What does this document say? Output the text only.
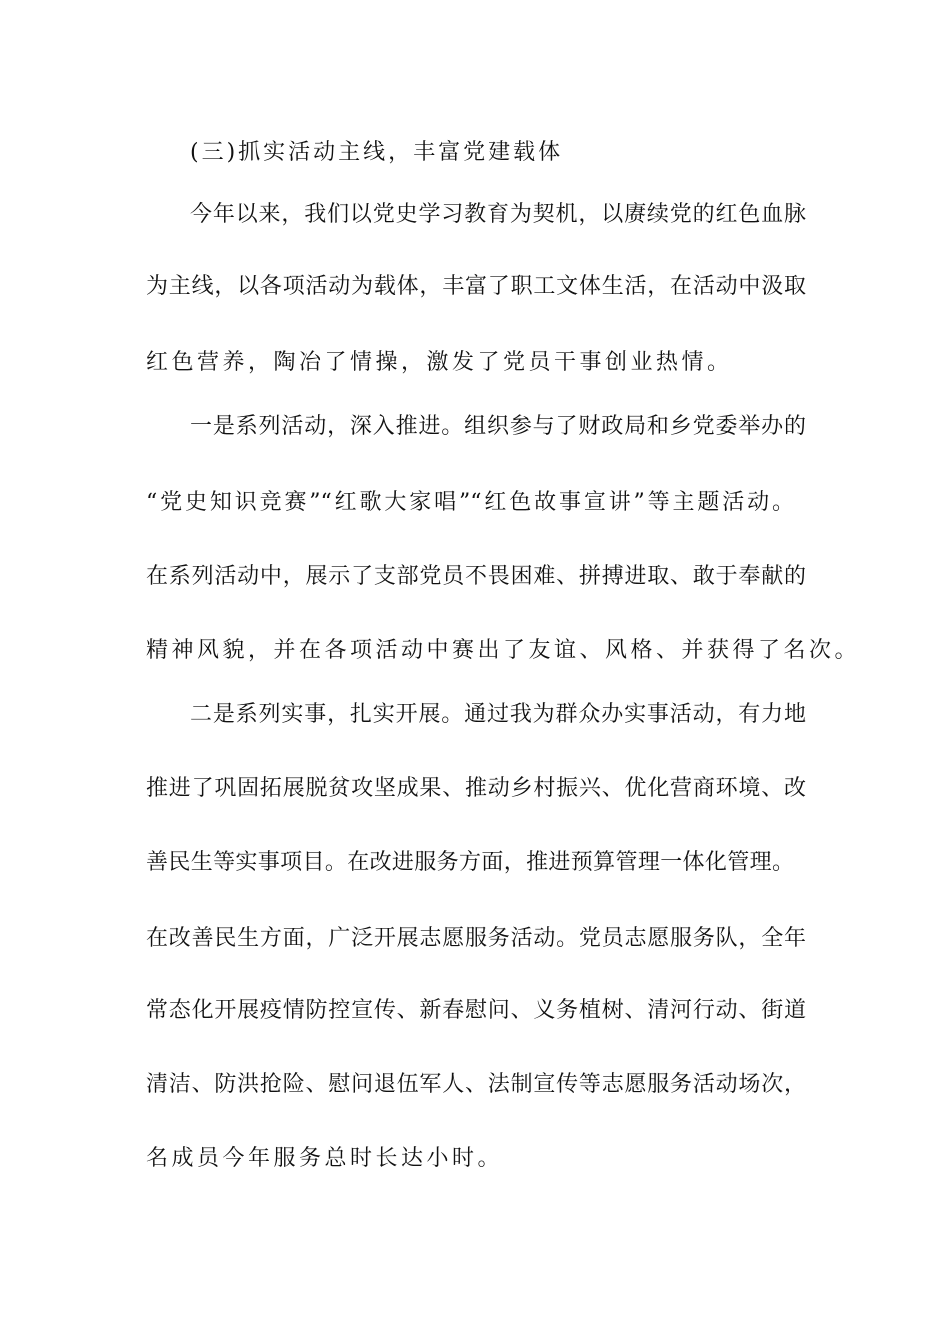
(三)抓实活动主线，丰富党建载体
今年以来，我们以党史学习教育为契机，以赓续党的红色血脉
为主线，以各项活动为载体，丰富了职工文体生活，在活动中汲取
红色营养，陶冶了情操，激发了党员干事创业热情。
一是系列活动，深入推进。组织参与了财政局和乡党委举办的
“党史知识竞赛”“红歌大家唱”“红色故事宣讲”等主题活动。
在系列活动中，展示了支部党员不畏困难、拼搏进取、敢于奉献的
精神风貌，并在各项活动中赛出了友谊、风格、并获得了名次。
二是系列实事，扎实开展。通过我为群众办实事活动，有力地
推进了巩固拓展脱贫攻坚成果、推动乡村振兴、优化营商环境、改
善民生等实事项目。在改进服务方面，推进预算管理一体化管理。
在改善民生方面，广泛开展志愿服务活动。党员志愿服务队，全年
常态化开展疫情防控宣传、新春慰问、义务植树、清河行动、街道
清洁、防洪抢险、慰问退伍军人、法制宣传等志愿服务活动场次，
名成员今年服务总时长达小时。
